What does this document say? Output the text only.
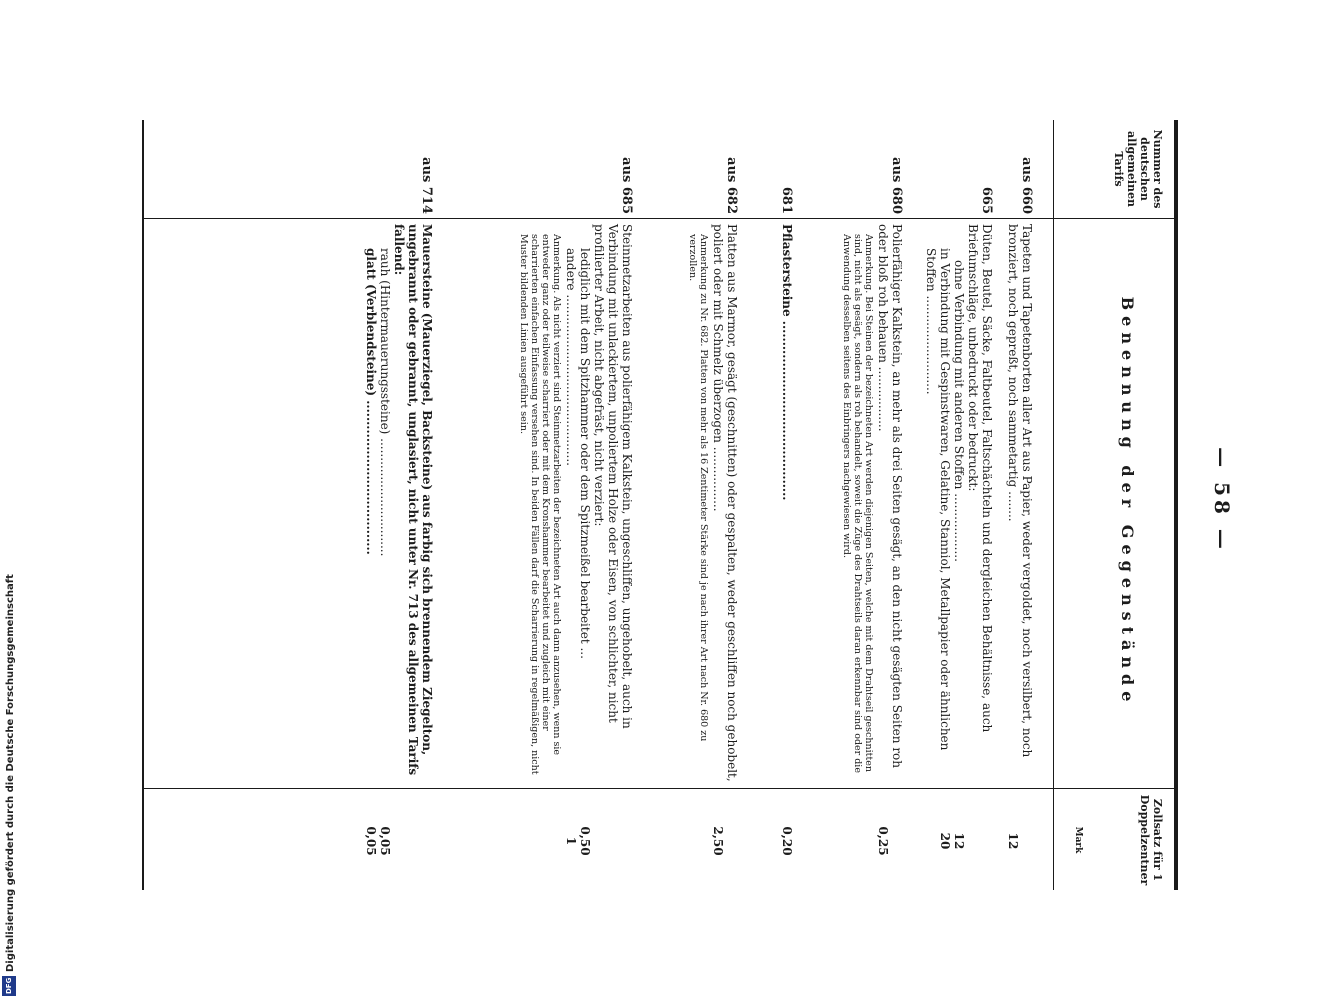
Digitalisierung gefördert durch die Deutsche Forschungsgemeinschaft
DFG
— 58 —
Nummer des deutschen allgemeinen Tarifs
Benennung der Gegenstände
Zollsatz für 1 Doppelzentner
Mark
aus 660
Tapeten und Tapetenborten aller Art aus Papier, weder vergoldet, noch versilbert, noch bronziert, noch gepreßt, noch sammetartig ........
12
665
Düten, Beutel, Säcke, Faltbeutel, Faltschächteln und dergleichen Behältnisse, auch Briefumschläge, unbedruckt oder bedruckt:
ohne Verbindung mit anderen Stoffen ..................
in Verbindung mit Gespinstwaren, Gelatine, Stanniol, Metallpapier oder ähnlichen Stoffen ..........................
12
20
aus 680
Polierfähiger Kalkstein, an mehr als drei Seiten gesägt, an den nicht gesägten Seiten roh oder bloß roh behauen .................
Anmerkung. Bei Steinen der bezeichneten Art werden diejenigen Seiten, welche mit dem Drahtseil geschnitten sind, nicht als gesägt, sondern als roh behandelt, soweit die Züge des Drahtseils daran erkennbar sind oder die Anwendung desselben seitens des Einbringers nachgewiesen wird.
0,25
681
Pflastersteine ...........................................
0,20
aus 682
Platten aus Marmor, gesägt (geschnitten) oder gespalten, weder geschliffen noch gehobelt, poliert oder mit Schmelz überzogen .................
Anmerkung zu Nr. 682. Platten von mehr als 16 Zentimeter Stärke sind je nach ihrer Art nach Nr. 680 zu verzollen.
2,50
aus 685
Steinmetzarbeiten aus polierfähigem Kalkstein, ungeschliffen, ungehobelt, auch in Verbindung mit unlackiertem, unpoliertem Holze oder Eisen, von schlichter, nicht profilierter Arbeit, nicht abgefräst, nicht verziert:
lediglich mit dem Spitzhammer oder dem Spitzmeißel bearbeitet ...
andere .............................................
Anmerkung. Als nicht verziert sind Steinmetzarbeiten der bezeichneten Art auch dann anzusehen, wenn sie entweder ganz oder teilweise scharriert oder mit dem Kronshammer bearbeitet und zugleich mit einer scharrierten einfachen Einfassung versehen sind. In beiden Fällen darf die Scharrierung in regelmäßigen, nicht Muster bildenden Linien ausgeführt sein.
0,50
1
aus 714
Mauersteine (Mauerziegel, Backsteine) aus farbig sich brennendem Ziegelton, ungebrannt oder gebrannt, unglasiert, nicht unter Nr. 713 des allgemeinen Tarifs fallend:
rauh (Hintermauerungssteine) ...............................
glatt (Verblendsteine) .....................................
0,05
0,05
